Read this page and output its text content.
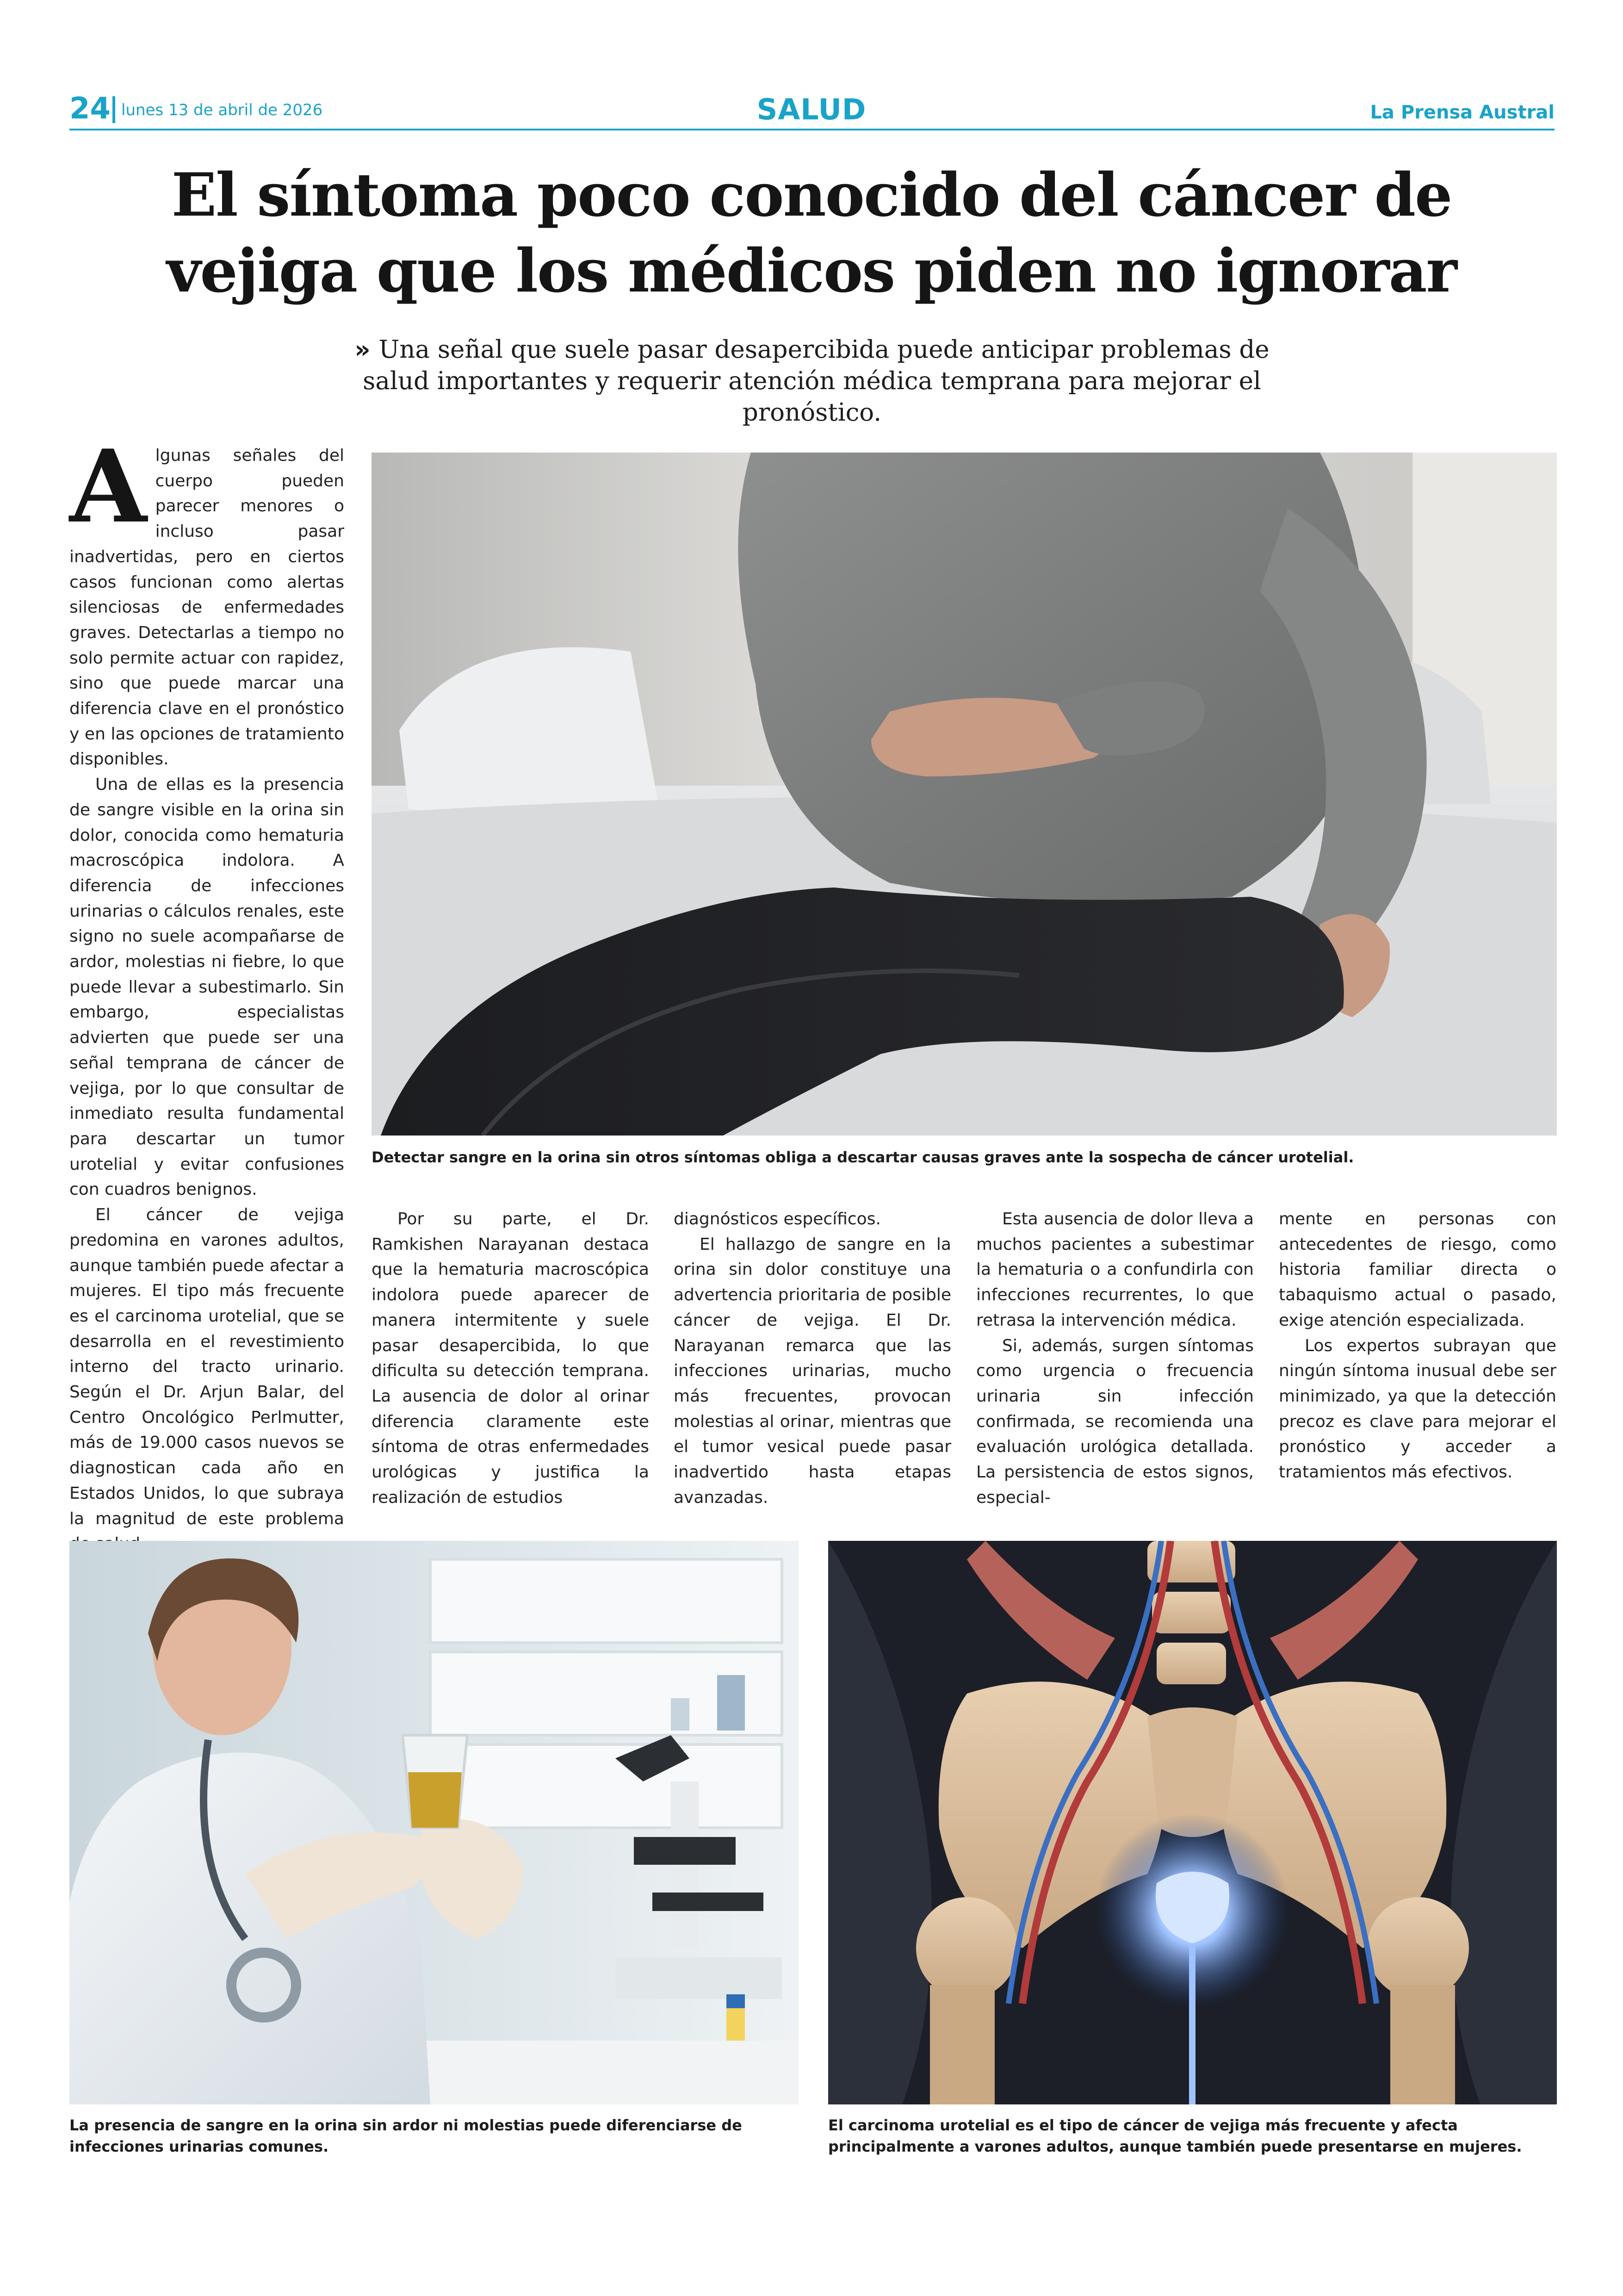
24 lunes 13 de abril de 2026	SALUD	La Prensa Austral
El síntoma poco conocido del cáncer de
vejiga que los médicos piden no ignorar
» Una señal que suele pasar desapercibida puede anticipar problemas de salud importantes y requerir atención médica temprana para mejorar el pronóstico.

Algunas señales del cuerpo pueden parecer menores o incluso pasar inadvertidas, pero en ciertos casos funcionan como alertas silenciosas de enfermedades graves. Detectarlas a tiempo no solo permite actuar con rapidez, sino que puede marcar una diferencia clave en el pronóstico y en las opciones de tratamiento disponibles.

Una de ellas es la presencia de sangre visible en la orina sin dolor, conocida como hematuria macroscópica indolora. A diferencia de infecciones urinarias o cálculos renales, este signo no suele acompañarse de ardor, molestias ni fiebre, lo que puede llevar a subestimarlo. Sin embargo, especialistas advierten que puede ser una señal temprana de cáncer de vejiga, por lo que consultar de inmediato resulta fundamental para descartar un tumor urotelial y evitar confusiones con cuadros benignos.

El cáncer de vejiga predomina en varones adultos, aunque también puede afectar a mujeres. El tipo más frecuente es el carcinoma urotelial, que se desarrolla en el revestimiento interno del tracto urinario. Según el Dr. Arjun Balar, del Centro Oncológico Perlmutter, más de 19.000 casos nuevos se diagnostican cada año en Estados Unidos, lo que subraya la magnitud de este problema

Detectar sangre en la orina sin otros síntomas obliga a descartar causas graves ante la sospecha de cáncer urotelial.

Por su parte, el Dr. Ramkishen Narayanan destaca que la hematuria macroscópica indolora puede aparecer de manera intermitente y suele pasar desapercibida, lo que dificulta su detección temprana. La ausencia de dolor al orinar diferencia claramente este síntoma de otras enfermedades urológicas y justifica la realización de estudios

diagnósticos específicos.

El hallazgo de sangre en la orina sin dolor constituye una advertencia prioritaria de posible cáncer de vejiga. El Dr. Narayanan remarca que las infecciones urinarias, mucho más frecuentes, provocan molestias al orinar, mientras que el tumor vesical puede pasar inadvertido hasta etapas avanzadas.

Esta ausencia de dolor lleva a muchos pacientes a subestimar la hematuria o a confundirla con infecciones recurrentes, lo que retrasa la intervención médica.

Si, además, surgen síntomas como urgencia o frecuencia urinaria sin infección confirmada, se recomienda una evaluación urológica detallada. La persistencia de estos signos, especial-

mente en personas con antecedentes de riesgo, como historia familiar directa o tabaquismo actual o pasado, exige atención especializada.

Los expertos subrayan que ningún síntoma inusual debe ser minimizado, ya que la detección precoz es clave para mejorar el pronóstico y acceder a tratamientos más efectivos.

La presencia de sangre en la orina sin ardor ni molestias puede diferenciarse de infecciones urinarias comunes.
El carcinoma urotelial es el tipo de cáncer de vejiga más frecuente y afecta principalmente a varones adultos, aunque también puede presentarse en mujeres.
